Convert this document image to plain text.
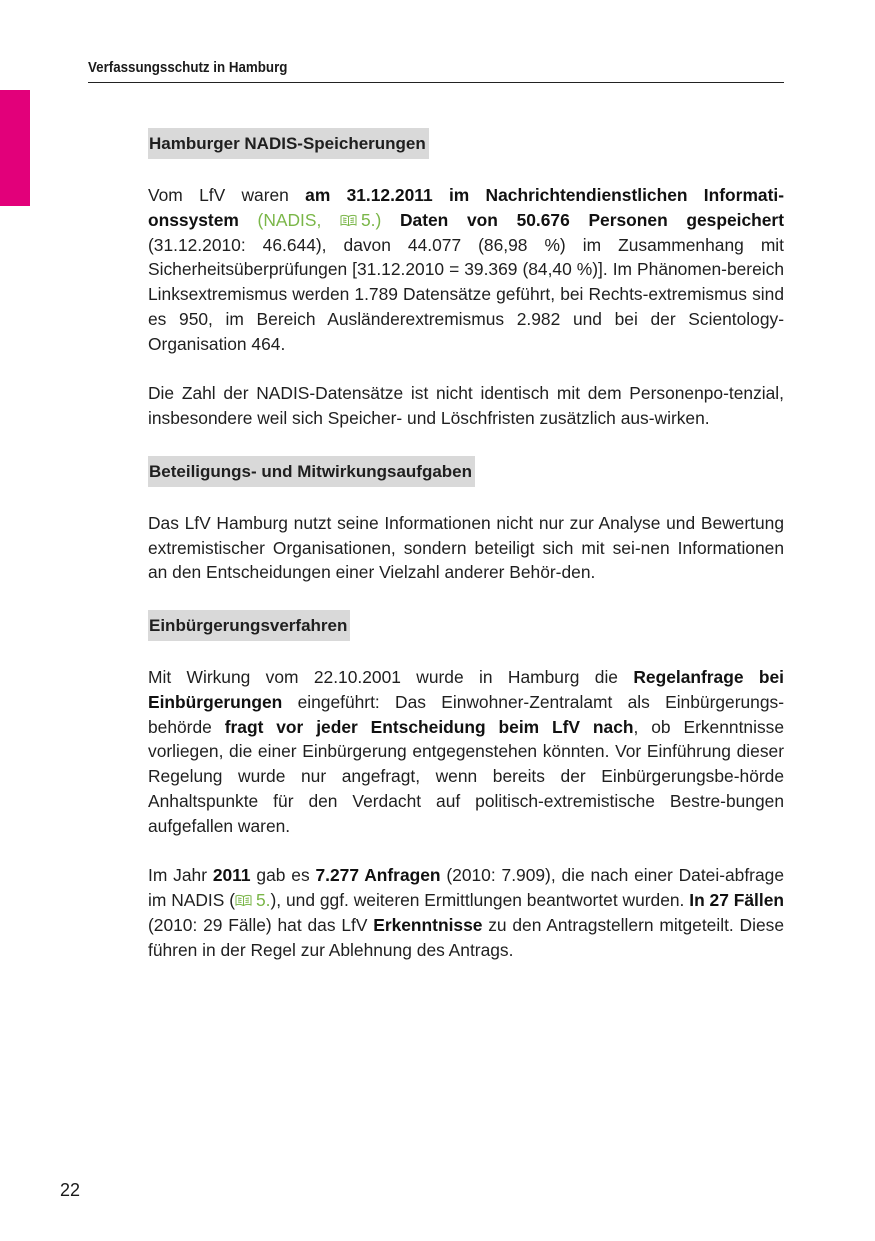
Verfassungsschutz in Hamburg
Hamburger NADIS-Speicherungen

Vom LfV waren am 31.12.2011 im Nachrichtendienstlichen Informati-onssystem (NADIS, 5.) Daten von 50.676 Personen gespeichert (31.12.2010: 46.644), davon 44.077 (86,98 %) im Zusammenhang mit Sicherheitsüberprüfungen [31.12.2010 = 39.369 (84,40 %)]. Im Phänomen-bereich Linksextremismus werden 1.789 Datensätze geführt, bei Rechts-extremismus sind es 950, im Bereich Ausländerextremismus 2.982 und bei der Scientology-Organisation 464.

Die Zahl der NADIS-Datensätze ist nicht identisch mit dem Personenpo-tenzial, insbesondere weil sich Speicher- und Löschfristen zusätzlich aus-wirken.

Beteiligungs- und Mitwirkungsaufgaben

Das LfV Hamburg nutzt seine Informationen nicht nur zur Analyse und Bewertung extremistischer Organisationen, sondern beteiligt sich mit sei-nen Informationen an den Entscheidungen einer Vielzahl anderer Behör-den.

Einbürgerungsverfahren

Mit Wirkung vom 22.10.2001 wurde in Hamburg die Regelanfrage bei Einbürgerungen eingeführt: Das Einwohner-Zentralamt als Einbürgerungs-behörde fragt vor jeder Entscheidung beim LfV nach, ob Erkenntnisse vorliegen, die einer Einbürgerung entgegenstehen könnten. Vor Einführung dieser Regelung wurde nur angefragt, wenn bereits der Einbürgerungsbe-hörde Anhaltspunkte für den Verdacht auf politisch-extremistische Bestre-bungen aufgefallen waren.

Im Jahr 2011 gab es 7.277 Anfragen (2010: 7.909), die nach einer Datei-abfrage im NADIS ( 5.), und ggf. weiteren Ermittlungen beantwortet wurden. In 27 Fällen (2010: 29 Fälle) hat das LfV Erkenntnisse zu den Antragstellern mitgeteilt. Diese führen in der Regel zur Ablehnung des Antrags.

22
